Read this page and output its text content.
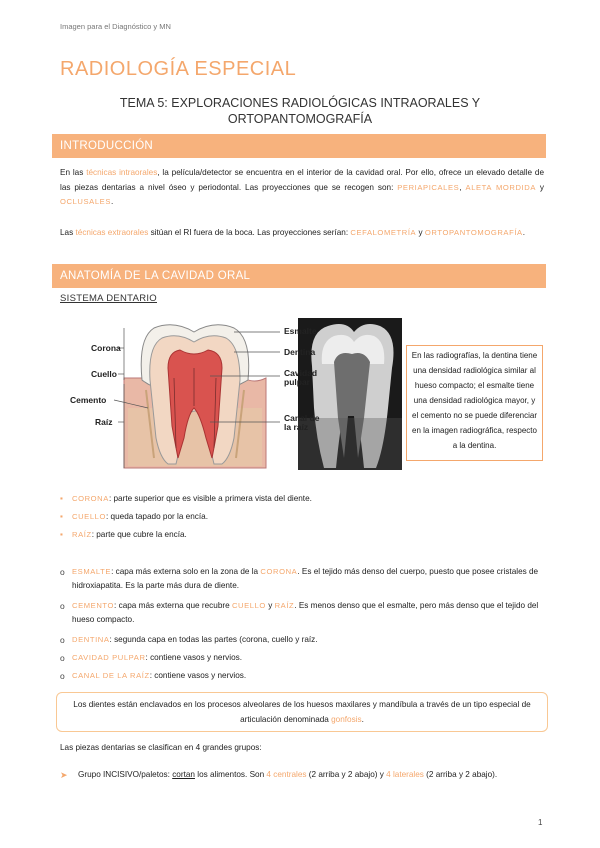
Imagen para el Diagnóstico y MN
RADIOLOGÍA ESPECIAL
TEMA 5: EXPLORACIONES RADIOLÓGICAS INTRAORALES Y
ORTOPANTOMOGRAFÍA
INTRODUCCIÓN
En las técnicas intraorales, la película/detector se encuentra en el interior de la cavidad oral. Por ello, ofrece un elevado detalle de las piezas dentarias a nivel óseo y periodontal. Las proyecciones que se recogen son: PERIAPICALES, ALETA MORDIDA y OCLUSALES.
Las técnicas extraorales sitúan el RI fuera de la boca. Las proyecciones serían: CEFALOMETRÍA y ORTOPANTOMOGRAFÍA.
ANATOMÍA DE LA CAVIDAD ORAL
SISTEMA DENTARIO
Corona
Cuello
Cemento
Raíz
Esmalte
Dentina
Cavidad
pulpar
Canal de
la raíz
En las radiografías, la dentina tiene una densidad radiológica similar al hueso compacto; el esmalte tiene una densidad radiológica mayor, y el cemento no se puede diferenciar en la imagen radiográfica, respecto a la dentina.
▪	CORONA: parte superior que es visible a primera vista del diente.
▪	CUELLO: queda tapado por la encía.
▪	RAÍZ: parte que cubre la encía.
o ESMALTE: capa más externa solo en la zona de la CORONA. Es el tejido más denso del cuerpo, puesto que posee cristales de hidroxiapatita. Es la parte más dura de diente.
o CEMENTO: capa más externa que recubre CUELLO y RAÍZ. Es menos denso que el esmalte, pero más denso que el tejido del hueso compacto.
o DENTINA: segunda capa en todas las partes (corona, cuello y raíz.
o CAVIDAD PULPAR: contiene vasos y nervios.
o CANAL DE LA RAÍZ: contiene vasos y nervios.
Los dientes están enclavados en los procesos alveolares de los huesos maxilares y mandíbula a través de un tipo especial de articulación denominada gonfosis.
Las piezas dentarias se clasifican en 4 grandes grupos:
➤	Grupo INCISIVO/paletos: cortan los alimentos. Son 4 centrales (2 arriba y 2 abajo) y 4 laterales (2 arriba y 2 abajo).
1
